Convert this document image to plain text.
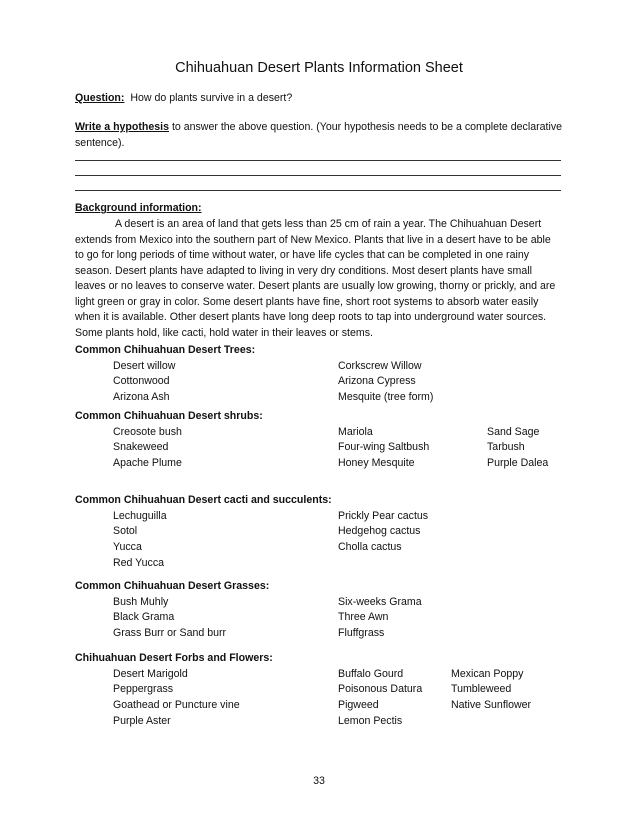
Chihuahuan Desert Plants Information Sheet
Question: How do plants survive in a desert?
Write a hypothesis to answer the above question. (Your hypothesis needs to be a complete declarative
sentence).
Background information:
A desert is an area of land that gets less than 25 cm of rain a year. The Chihuahuan Desert
extends from Mexico into the southern part of New Mexico. Plants that live in a desert have to be able
to go for long periods of time without water, or have life cycles that can be completed in one rainy
season. Desert plants have adapted to living in very dry conditions. Most desert plants have small
leaves or no leaves to conserve water. Desert plants are usually low growing, thorny or prickly, and are
light green or gray in color. Some desert plants have fine, short root systems to absorb water easily
when it is available. Other desert plants have long deep roots to tap into underground water sources.
Some plants hold, like cacti, hold water in their leaves or stems.
Common Chihuahuan Desert Trees:
Desert willow
Cottonwood
Arizona Ash
Corkscrew Willow
Arizona Cypress
Mesquite (tree form)
Common Chihuahuan Desert shrubs:
Creosote bush
Snakeweed
Apache Plume
Mariola
Four-wing Saltbush
Honey Mesquite
Sand Sage
Tarbush
Purple Dalea
Common Chihuahuan Desert cacti and succulents:
Lechuguilla
Sotol
Yucca
Red Yucca
Prickly Pear cactus
Hedgehog cactus
Cholla cactus
Common Chihuahuan Desert Grasses:
Bush Muhly
Black Grama
Grass Burr or Sand burr
Six-weeks Grama
Three Awn
Fluffgrass
Chihuahuan Desert Forbs and Flowers:
Desert Marigold
Peppergrass
Goathead or Puncture vine
Purple Aster
Buffalo Gourd
Poisonous Datura
Pigweed
Lemon Pectis
Mexican Poppy
Tumbleweed
Native Sunflower
33
